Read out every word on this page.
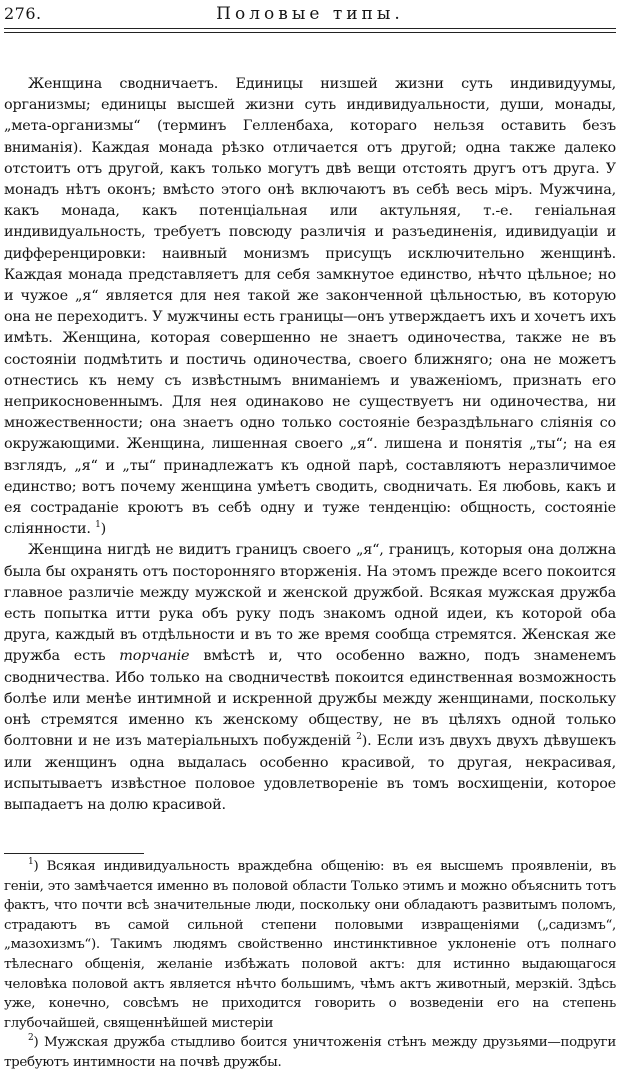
276.	Половые типы.

Женщина сводничаетъ. Единицы низшей жизни суть индивидуумы, организмы; единицы высшей жизни суть индивидуальности, души, монады, „мета-организмы“ (терминъ Гелленбаха, котораго нельзя оставить безъ вниманія). Каждая монада рѣзко отличается отъ другой; одна также далеко отстоитъ отъ другой, какъ только могутъ двѣ вещи отстоять другъ отъ друга. У монадъ нѣтъ оконъ; вмѣсто этого онѣ включаютъ въ себѣ весь міръ. Мужчина, какъ монада, какъ потенціальная или актульняя, т.-е. геніальная индивидуальность, требуетъ повсюду различія и разъединенія, идивидуаціи и дифференцировки: наивный монизмъ присущъ исключительно женщинѣ. Каждая монада представляетъ для себя замкнутое единство, нѣчто цѣльное; но и чужое „я“ является для нея такой же законченной цѣльностью, въ которую она не переходитъ. У мужчины есть границы—онъ утверждаетъ ихъ и хочетъ ихъ имѣть. Женщина, которая совершенно не знаетъ одиночества, также не въ состояніи подмѣтить и постичь одиночества, своего ближняго; она не можетъ отнестись къ нему съ извѣстнымъ вниманіемъ и уваженіомъ, признать его неприкосновеннымъ. Для нея одинаково не существуетъ ни одиночества, ни множественности; она знаетъ одно только состояніе безраздѣльнаго слiянія со окружающими. Женщина, лишенная своего „я“. лишена и понятія „ты“; на ея взглядъ, „я“ и „ты“ принадлежатъ къ одной парѣ, составляютъ неразличимое единство; вотъ почему женщина умѣетъ сводить, сводничать. Ея любовь, какъ и ея состраданіе кроютъ въ себѣ одну и туже тенденцію: общность, состояніе слiянности. $^1$)

Женщина нигдѣ не видитъ границъ своего „я“, границъ, которыя она должна была бы охранять отъ посторонняго вторженія. На этомъ прежде всего покоится главное различіе между мужской и женской дружбой. Всякая мужская дружба есть попытка итти рука объ руку подъ знакомъ одной идеи, къ которой оба друга, каждый въ отдѣльности и въ то же время сообща стремятся. Женская же дружба есть торчаніе вмѣстѣ и, что особенно важно, подъ знаменемъ сводничества. Ибо только на сводничествѣ покоится единственная возможность болѣе или менѣе интимной и искренной дружбы между женщинами, поскольку онѣ стремятся именно къ женскому обществу, не въ цѣляхъ одной только болтовни и не изъ матеріальныхъ побужденій $^2$). Если изъ двухъ двухъ дѣвушекъ или женщинъ одна выдалась особенно красивой, то другая, некрасивая, испытываетъ извѣстное половое удовлетвореніе въ томъ восхищеніи, которое выпадаетъ на долю красивой.

$^1$) Всякая индивидуальность враждебна общенію: въ ея высшемъ проявленіи, въ геніи, это замѣчается именно въ половой области Только этимъ и можно объяснить тотъ фактъ, что почти всѣ значительные люди, поскольку они обладаютъ развитымъ поломъ, страдаютъ въ самой сильной степени половыми извращеніями („садизмъ“, „мазохизмъ“). Такимъ людямъ свойственно инстинктивное уклоненіе отъ полнаго тѣлеснаго общенія, желаніе избѣжать половой актъ: для истинно выдающагося человѣка половой актъ является нѣчто большимъ, чѣмъ актъ животный, мерзкій. Здѣсь уже, конечно, совсѣмъ не приходится говорить о возведеніи его на степень глубочайшей, священнѣйшей мистеріи

$^2$) Мужская дружба стыдливо боится уничтоженія стѣнъ между друзьями—подруги требуютъ интимности на почвѣ дружбы.
